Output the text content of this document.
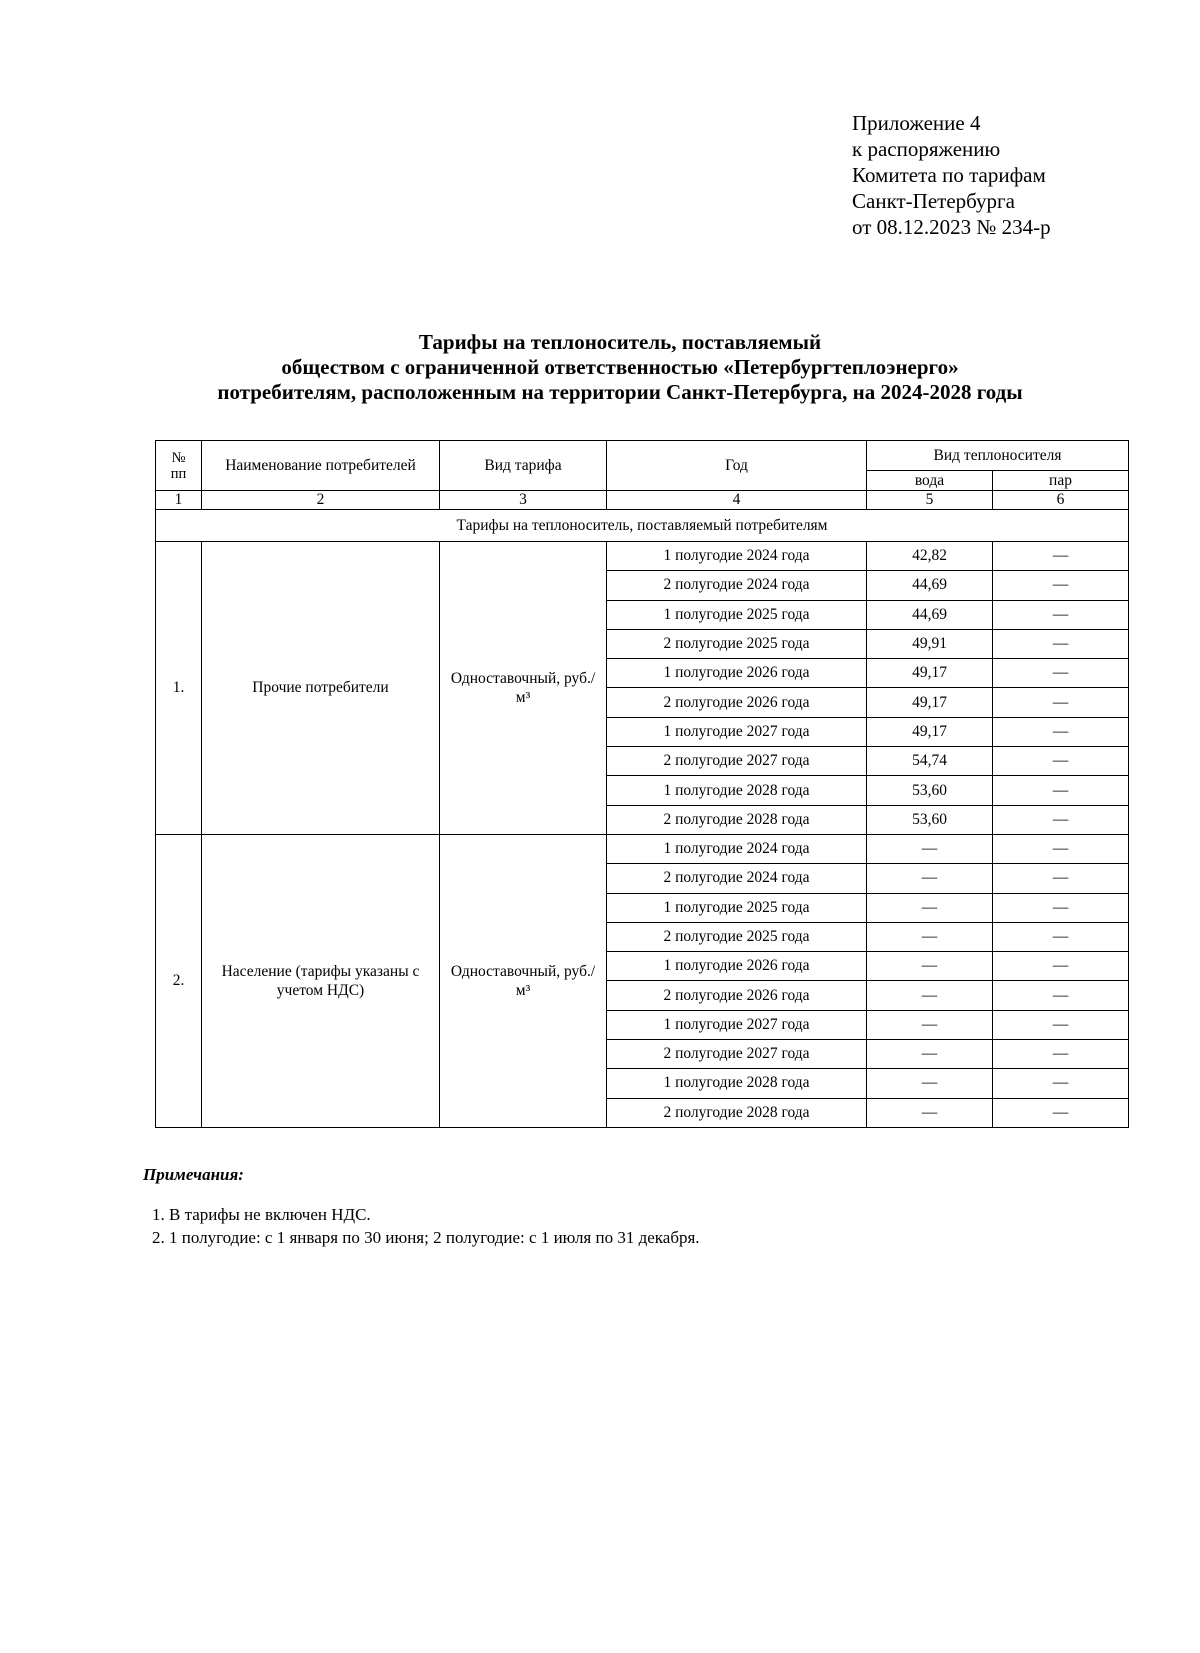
Приложение 4
к распоряжению
Комитета по тарифам
Санкт-Петербурга
от 08.12.2023 № 234-р
Тарифы на теплоноситель, поставляемый
обществом с ограниченной ответственностью «Петербургтеплоэнерго»
потребителям, расположенным на территории Санкт-Петербурга, на 2024-2028 годы
№
пп	Наименование потребителей	Вид тарифа	Год	Вид теплоносителя	
				вода	пар
1	2	3	4	5	6
Тарифы на теплоноситель, поставляемый потребителям					
1.	Прочие потребители	Одноставочный, руб./м³	1 полугодие 2024 года	42,82	—
			2 полугодие 2024 года	44,69	—
			1 полугодие 2025 года	44,69	—
			2 полугодие 2025 года	49,91	—
			1 полугодие 2026 года	49,17	—
			2 полугодие 2026 года	49,17	—
			1 полугодие 2027 года	49,17	—
			2 полугодие 2027 года	54,74	—
			1 полугодие 2028 года	53,60	—
			2 полугодие 2028 года	53,60	—
2.	Население (тарифы указаны с учетом НДС)	Одноставочный, руб./м³	1 полугодие 2024 года	—	—
			2 полугодие 2024 года	—	—
			1 полугодие 2025 года	—	—
			2 полугодие 2025 года	—	—
			1 полугодие 2026 года	—	—
			2 полугодие 2026 года	—	—
			1 полугодие 2027 года	—	—
			2 полугодие 2027 года	—	—
			1 полугодие 2028 года	—	—
			2 полугодие 2028 года	—	—
Примечания:
1. В тарифы не включен НДС.
2. 1 полугодие: с 1 января по 30 июня; 2 полугодие: с 1 июля по 31 декабря.
